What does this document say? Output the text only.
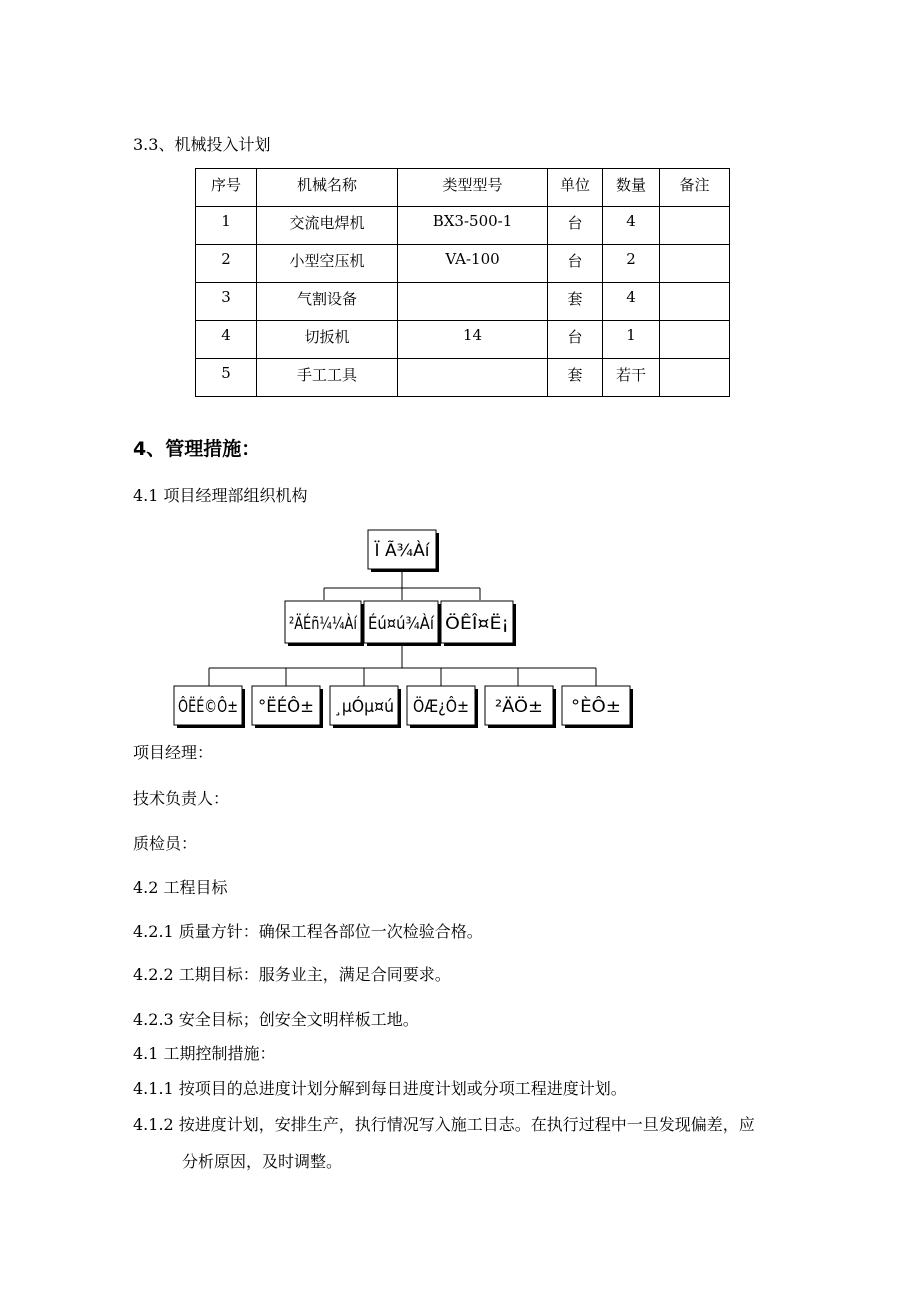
3.3、机械投入计划
序号	机械名称	类型型号	单位	数量	备注
1	交流电焊机	BX3-500-1	台	4	
2	小型空压机	VA-100	台	2	
3	气割设备		套	4	
4	切扳机	14	台	1	
5	手工工具		套	若干	
4、管理措施：
4.1 项目经理部组织机构
Ï Ã¾Àí
²ÄÉñ¼¼Àí
Éú¤ú¾Àí ÖÊÎ¤Ë¡
ÔËÉ©Ô± °ËÉÔ± ¸µÓµ¤ú ÖÆ¿Ô± ²ÄÖ± °ÈÔ±
项目经理：
技术负责人：
质检员：
4.2 工程目标
4.2.1 质量方针：确保工程各部位一次检验合格。
4.2.2 工期目标：服务业主，满足合同要求。
4.2.3 安全目标；创安全文明样板工地。
4.1 工期控制措施：
4.1.1 按项目的总进度计划分解到每日进度计划或分项工程进度计划。
4.1.2 按进度计划，安排生产，执行情况写入施工日志。在执行过程中一旦发现偏差，应
分析原因，及时调整。
